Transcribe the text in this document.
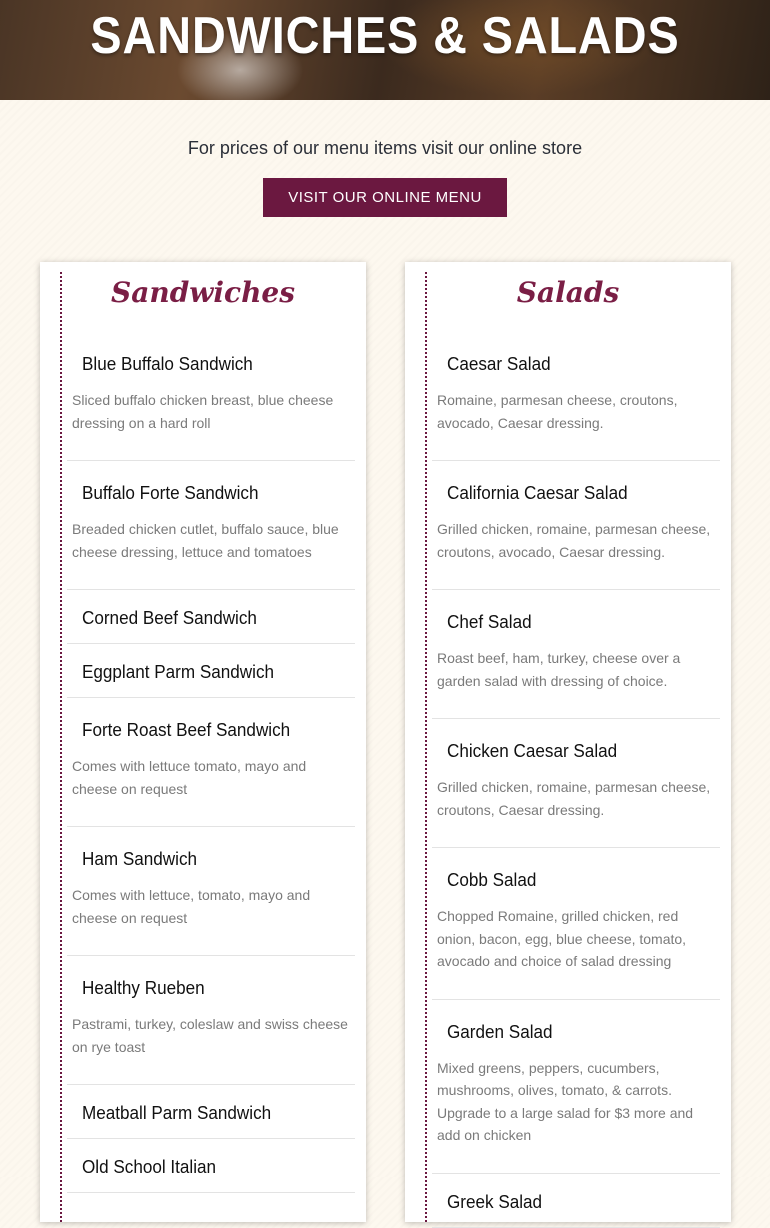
SANDWICHES & SALADS

For prices of our menu items visit our online store

VISIT OUR ONLINE MENU
Sandwiches
Blue Buffalo Sandwich
Sliced buffalo chicken breast, blue cheese dressing on a hard roll
Buffalo Forte Sandwich
Breaded chicken cutlet, buffalo sauce, blue cheese dressing, lettuce and tomatoes
Corned Beef Sandwich
Eggplant Parm Sandwich
Forte Roast Beef Sandwich
Comes with lettuce tomato, mayo and cheese on request
Ham Sandwich
Comes with lettuce, tomato, mayo and cheese on request
Healthy Rueben
Pastrami, turkey, coleslaw and swiss cheese on rye toast
Meatball Parm Sandwich
Old School Italian
Salads
Caesar Salad
Romaine, parmesan cheese, croutons, avocado, Caesar dressing.
California Caesar Salad
Grilled chicken, romaine, parmesan cheese, croutons, avocado, Caesar dressing.
Chef Salad
Roast beef, ham, turkey, cheese over a garden salad with dressing of choice.
Chicken Caesar Salad
Grilled chicken, romaine, parmesan cheese, croutons, Caesar dressing.
Cobb Salad
Chopped Romaine, grilled chicken, red onion, bacon, egg, blue cheese, tomato, avocado and choice of salad dressing
Garden Salad
Mixed greens, peppers, cucumbers, mushrooms, olives, tomato, & carrots. Upgrade to a large salad for $3 more and add on chicken
Greek Salad
